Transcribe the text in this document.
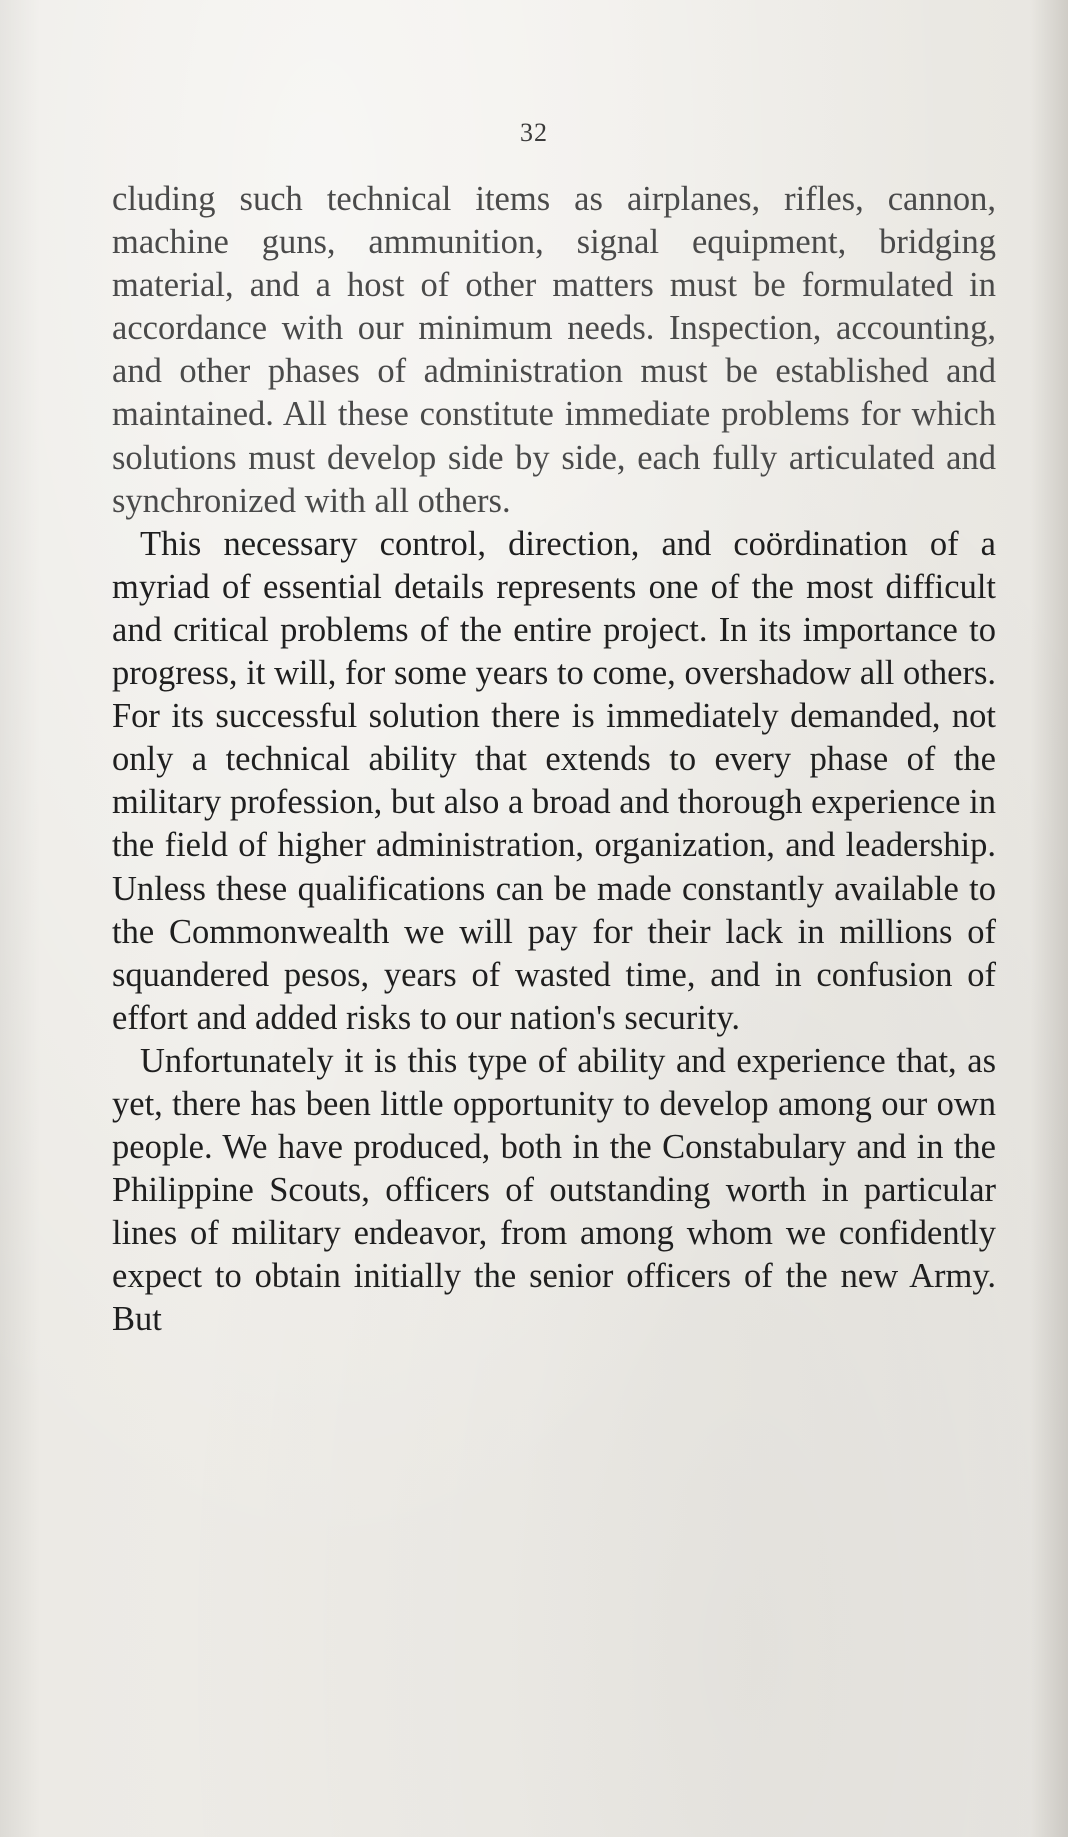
32

cluding such technical items as airplanes, rifles, cannon, machine guns, ammunition, signal equipment, bridging material, and a host of other matters must be formulated in accordance with our minimum needs. Inspection, accounting, and other phases of administration must be established and maintained. All these constitute immediate problems for which solutions must develop side by side, each fully articulated and synchronized with all others.

This necessary control, direction, and coördination of a myriad of essential details represents one of the most difficult and critical problems of the entire project. In its importance to progress, it will, for some years to come, overshadow all others. For its successful solution there is immediately demanded, not only a technical ability that extends to every phase of the military profession, but also a broad and thorough experience in the field of higher administration, organization, and leadership. Unless these qualifications can be made constantly available to the Commonwealth we will pay for their lack in millions of squandered pesos, years of wasted time, and in confusion of effort and added risks to our nation's security.

Unfortunately it is this type of ability and experience that, as yet, there has been little opportunity to develop among our own people. We have produced, both in the Constabulary and in the Philippine Scouts, officers of outstanding worth in particular lines of military endeavor, from among whom we confidently expect to obtain initially the senior officers of the new Army. But
